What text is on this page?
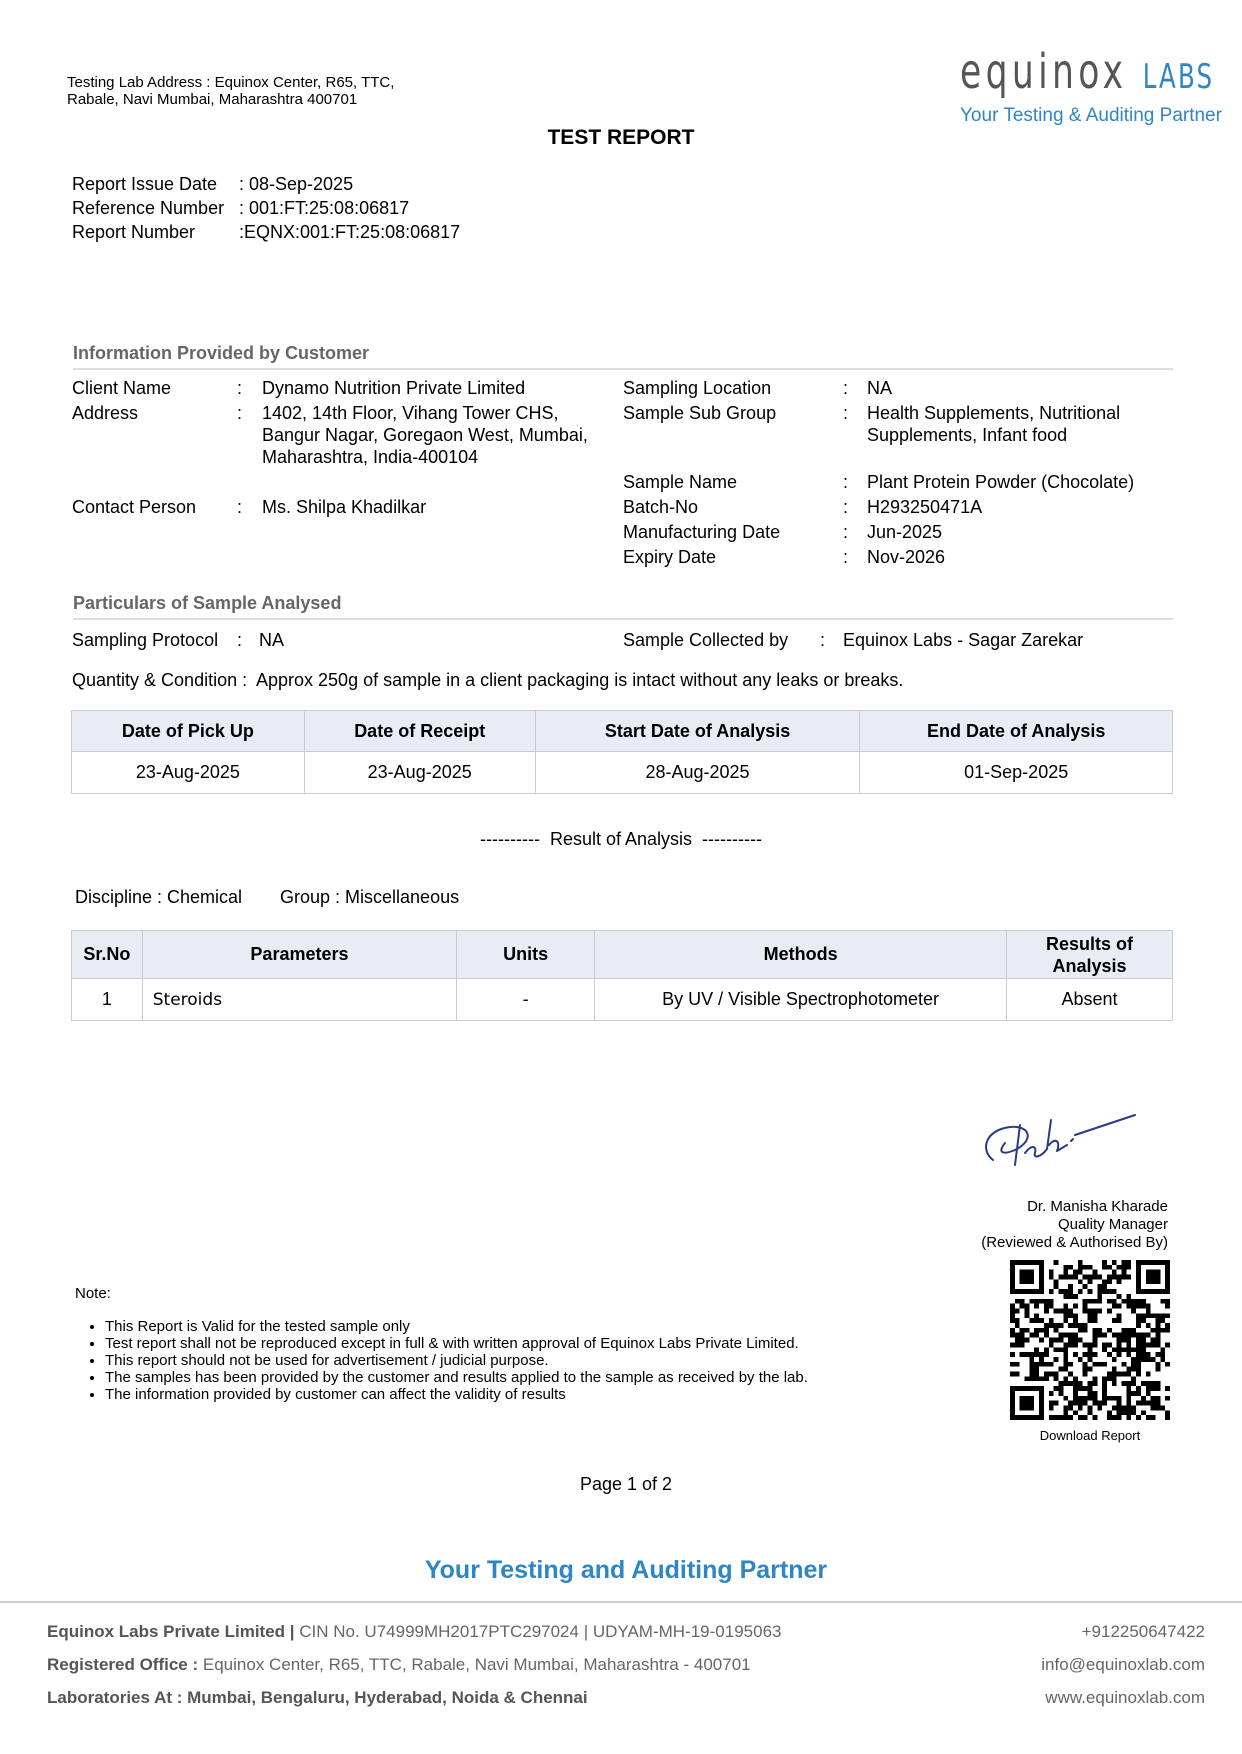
Testing Lab Address : Equinox Center, R65, TTC, Rabale, Navi Mumbai, Maharashtra 400701	equinox LABS
Your Testing & Auditing Partner
TEST REPORT
Report Issue Date	: 08-Sep-2025
Reference Number : 001:FT:25:08:06817
Report Number	:EQNX:001:FT:25:08:06817
Information Provided by Customer
Client Name	: Dynamo Nutrition Private Limited
Address	: 1402, 14th Floor, Vihang Tower CHS,
Bangur Nagar, Goregaon West, Mumbai,
Maharashtra, India-400104
Contact Person : Ms. Shilpa Khadilkar
Sampling Location	: NA
Sample Sub Group	: Health Supplements, Nutritional
Supplements, Infant food
Sample Name	: Plant Protein Powder (Chocolate)
Batch-No	: H293250471A
Manufacturing Date	: Jun-2025
Expiry Date	: Nov-2026
Particulars of Sample Analysed
Sampling Protocol : NA	Sample Collected by : Equinox Labs - Sagar Zarekar
Quantity & Condition : Approx 250g of sample in a client packaging is intact without any leaks or breaks.
Date of Pick Up	Date of Receipt	Start Date of Analysis	End Date of Analysis
23-Aug-2025	23-Aug-2025	28-Aug-2025	01-Sep-2025
----------  Result of Analysis  ----------
Discipline : Chemical Group : Miscellaneous
Sr.No	Parameters	Units	Methods	Results of Analysis
1	Steroids	-	By UV / Visible Spectrophotometer	Absent
Dr. Manisha Kharade
Quality Manager
(Reviewed & Authorised By)
Download Report
Note:
• This Report is Valid for the tested sample only
• Test report shall not be reproduced except in full & with written approval of Equinox Labs Private Limited.
• This report should not be used for advertisement / judicial purpose.
• The samples has been provided by the customer and results applied to the sample as received by the lab.
• The information provided by customer can affect the validity of results
Page 1 of 2
Your Testing and Auditing Partner
Equinox Labs Private Limited | CIN No. U74999MH2017PTC297024 | UDYAM-MH-19-0195063
Registered Office : Equinox Center, R65, TTC, Rabale, Navi Mumbai, Maharashtra - 400701
Laboratories At : Mumbai, Bengaluru, Hyderabad, Noida & Chennai
+912250647422
info@equinoxlab.com
www.equinoxlab.com
